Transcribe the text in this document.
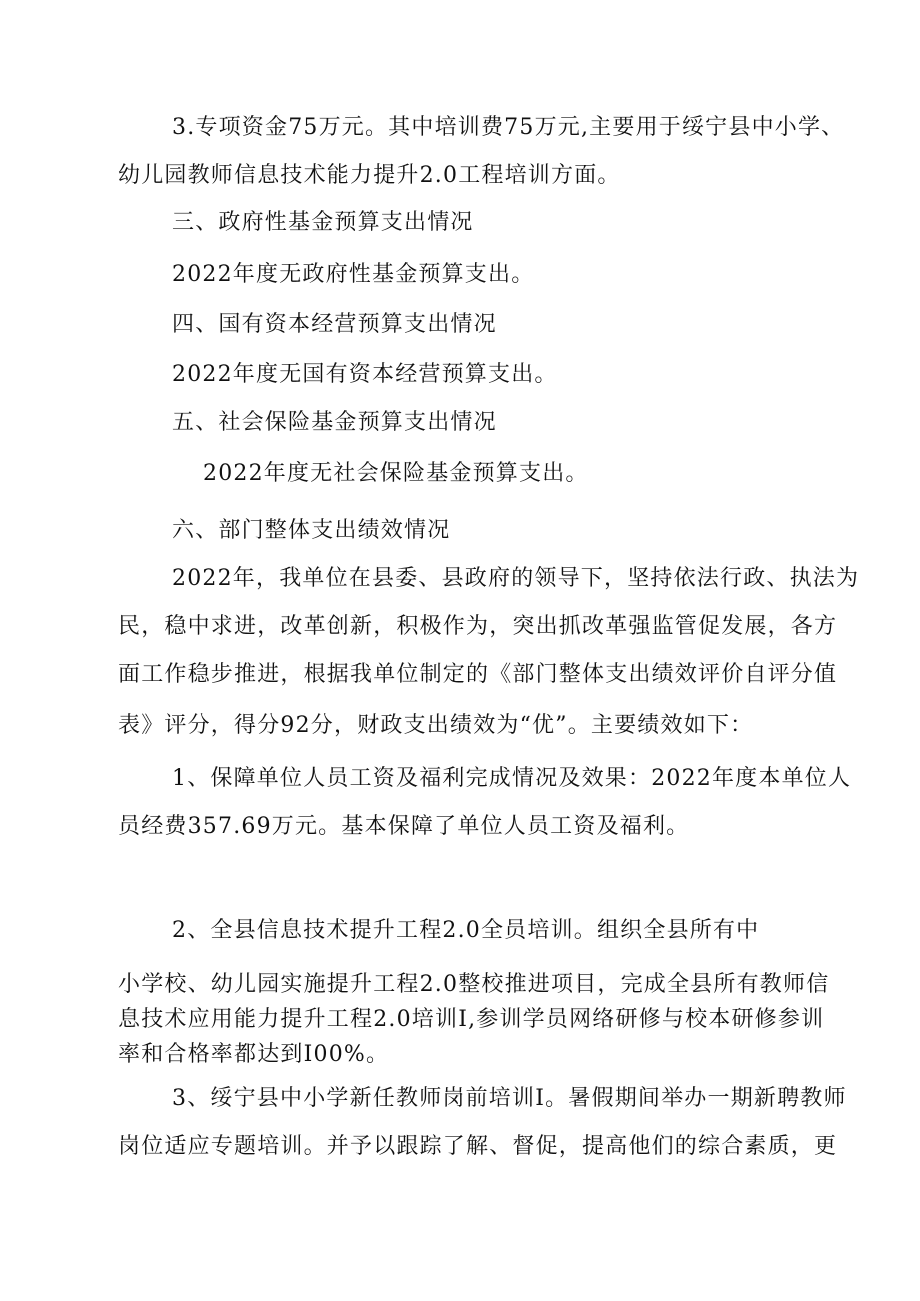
3.专项资金75万元。其中培训费75万元,主要用于绥宁县中小学、

幼儿园教师信息技术能力提升2.0工程培训方面。

三、政府性基金预算支出情况

2022年度无政府性基金预算支出。

四、国有资本经营预算支出情况

2022年度无国有资本经营预算支出。

五、社会保险基金预算支出情况

2022年度无社会保险基金预算支出。

六、部门整体支出绩效情况

2022年，我单位在县委、县政府的领导下，坚持依法行政、执法为

民，稳中求进，改革创新，积极作为，突出抓改革强监管促发展，各方

面工作稳步推进，根据我单位制定的《部门整体支出绩效评价自评分值

表》评分，得分92分，财政支出绩效为“优”。主要绩效如下：

1、保障单位人员工资及福利完成情况及效果：2022年度本单位人

员经费357.69万元。基本保障了单位人员工资及福利。

2、全县信息技术提升工程2.0全员培训。组织全县所有中

小学校、幼儿园实施提升工程2.0整校推进项目，完成全县所有教师信

息技术应用能力提升工程2.0培训I,参训学员网络研修与校本研修参训

率和合格率都达到I00%。

3、绥宁县中小学新任教师岗前培训I。暑假期间举办一期新聘教师

岗位适应专题培训。并予以跟踪了解、督促，提高他们的综合素质，更
